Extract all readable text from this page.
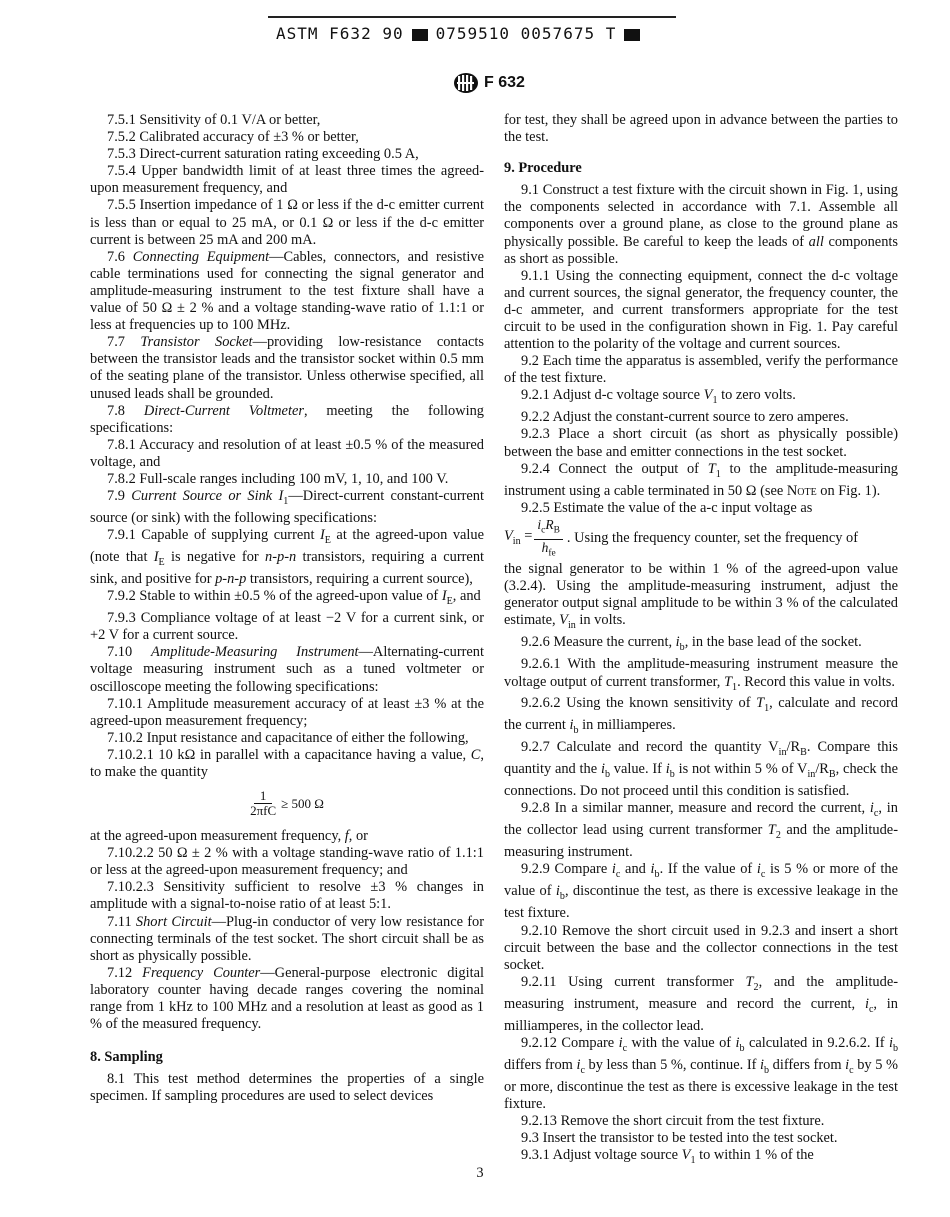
ASTM F632 90 0759510 0057675 T
F 632

7.5.1 Sensitivity of 0.1 V/A or better,

7.5.2 Calibrated accuracy of ±3 % or better,

7.5.3 Direct-current saturation rating exceeding 0.5 A,

7.5.4 Upper bandwidth limit of at least three times the agreed-upon measurement frequency, and

7.5.5 Insertion impedance of 1 Ω or less if the d-c emitter current is less than or equal to 25 mA, or 0.1 Ω or less if the d-c emitter current is between 25 mA and 200 mA.

7.6 Connecting Equipment—Cables, connectors, and resistive cable terminations used for connecting the signal generator and amplitude-measuring instrument to the test fixture shall have a value of 50 Ω ± 2 % and a voltage standing-wave ratio of 1.1:1 or less at frequencies up to 100 MHz.

7.7 Transistor Socket—providing low-resistance contacts between the transistor leads and the transistor socket within 0.5 mm of the seating plane of the transistor. Unless otherwise specified, all unused leads shall be grounded.

7.8 Direct-Current Voltmeter, meeting the following specifications:

7.8.1 Accuracy and resolution of at least ±0.5 % of the measured voltage, and

7.8.2 Full-scale ranges including 100 mV, 1, 10, and 100 V.

7.9 Current Source or Sink $I_1—Direct$-current constant-current source (or sink) with the following specifications:

7.9.1 Capable of supplying current $I_E$ at the agreed-upon value (note that $I_E$ is negative for n-p-n transistors, requiring a current sink, and positive for p-n-p transistors, requiring a current source),

7.9.2 Stable to within ±0.5 % of the agreed-upon value of $I_E$, and

7.9.3 Compliance voltage of at least −2 V for a current sink, or +2 V for a current source.

7.10 Amplitude-Measuring Instrument—Alternating-current voltage measuring instrument such as a tuned voltmeter or oscilloscope meeting the following specifications:

7.10.1 Amplitude measurement accuracy of at least ±3 % at the agreed-upon measurement frequency;

7.10.2 Input resistance and capacitance of either the following,

7.10.2.1 10 kΩ in parallel with a capacitance having a value, C, to make the quantity

$\frac{1}{\text{2πfC}} \ge 500$ Ω

at the agreed-upon measurement frequency, f, or

7.10.2.2 50 Ω ± 2 % with a voltage standing-wave ratio of 1.1:1 or less at the agreed-upon measurement frequency; and

7.10.2.3 Sensitivity sufficient to resolve ±3 % changes in amplitude with a signal-to-noise ratio of at least 5:1.

7.11 Short Circuit—Plug-in conductor of very low resistance for connecting terminals of the test socket. The short circuit shall be as short as physically possible.

7.12 Frequency Counter—General-purpose electronic digital laboratory counter having decade ranges covering the nominal range from 1 kHz to 100 MHz and a resolution at least as good as 1 % of the measured frequency.

8. Sampling

8.1 This test method determines the properties of a single specimen. If sampling procedures are used to select devices

for test, they shall be agreed upon in advance between the parties to the test.

9. Procedure

9.1 Construct a test fixture with the circuit shown in Fig. 1, using the components selected in accordance with 7.1. Assemble all components over a ground plane, as close to the ground plane as physically possible. Be careful to keep the leads of all components as short as possible.

9.1.1 Using the connecting equipment, connect the d-c voltage and current sources, the signal generator, the frequency counter, the d-c ammeter, and current transformers appropriate for the test circuit to be used in the configuration shown in Fig. 1. Pay careful attention to the polarity of the voltage and current sources.

9.2 Each time the apparatus is assembled, verify the performance of the test fixture.

9.2.1 Adjust d-c voltage source $V_1$ to zero volts.

9.2.2 Adjust the constant-current source to zero amperes.

9.2.3 Place a short circuit (as short as physically possible) between the base and emitter connections in the test socket.

9.2.4 Connect the output of $T_1$ to the amplitude-measuring instrument using a cable terminated in 50 Ω (see Note on Fig. 1).

9.2.5 Estimate the value of the a-c input voltage as

$V_{in} = \frac{i_cR_B}{h_{fe}}$ . Using the frequency counter, set the frequency of

the signal generator to be within 1 % of the agreed-upon value (3.2.4). Using the amplitude-measuring instrument, adjust the generator output signal amplitude to be within 3 % of the calculated estimate, $V_{in}$ in volts.

9.2.6 Measure the current, $i_b$, in the base lead of the socket.

9.2.6.1 With the amplitude-measuring instrument measure the voltage output of current transformer, $T_1$. Record this value in volts.

9.2.6.2 Using the known sensitivity of $T_1$, calculate and record the current $i_b$ in milliamperes.

9.2.7 Calculate and record the quantity $V_{in}/R_B$. Compare this quantity and the $i_b$ value. If $i_b$ is not within 5 % of $V_{in}/R_B$, check the connections. Do not proceed until this condition is satisfied.

9.2.8 In a similar manner, measure and record the current, $i_c$, in the collector lead using current transformer $T_2$ and the amplitude-measuring instrument.

9.2.9 Compare $i_c$ and $i_b$. If the value of $i_c$ is 5 % or more of the value of $i_b$, discontinue the test, as there is excessive leakage in the test fixture.

9.2.10 Remove the short circuit used in 9.2.3 and insert a short circuit between the base and the collector connections in the test socket.

9.2.11 Using current transformer $T_2$, and the amplitude-measuring instrument, measure and record the current, $i_c$, in milliamperes, in the collector lead.

9.2.12 Compare $i_c$ with the value of $i_b$ calculated in 9.2.6.2. If $i_b$ differs from $i_c$ by less than 5 %, continue. If $i_b$ differs from $i_c$ by 5 % or more, discontinue the test as there is excessive leakage in the test fixture.

9.2.13 Remove the short circuit from the test fixture.

9.3 Insert the transistor to be tested into the test socket.

9.3.1 Adjust voltage source $V_1$ to within 1 % of the

3
